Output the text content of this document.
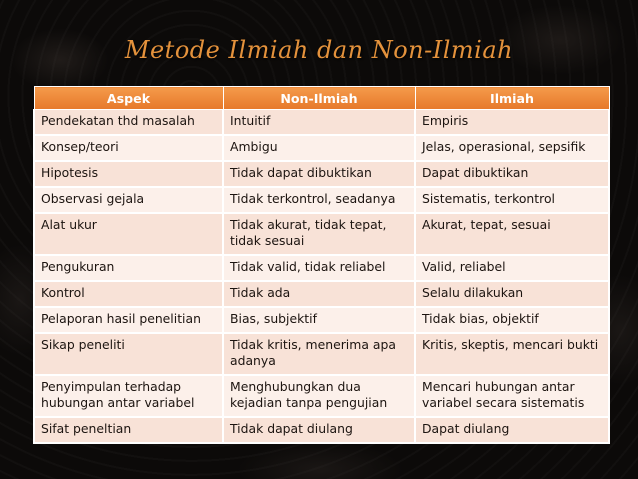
Metode Ilmiah dan Non-Ilmiah
Aspek	Non-Ilmiah	Ilmiah
Pendekatan thd masalah	Intuitif	Empiris
Konsep/teori	Ambigu	Jelas, operasional, sepsifik
Hipotesis	Tidak dapat dibuktikan	Dapat dibuktikan
Observasi gejala	Tidak terkontrol, seadanya	Sistematis, terkontrol
Alat ukur	Tidak akurat, tidak tepat, tidak sesuai	Akurat, tepat, sesuai
Pengukuran	Tidak valid, tidak reliabel	Valid, reliabel
Kontrol	Tidak ada	Selalu dilakukan
Pelaporan hasil penelitian	Bias, subjektif	Tidak bias, objektif
Sikap peneliti	Tidak kritis, menerima apa adanya	Kritis, skeptis, mencari bukti
Penyimpulan terhadap hubungan antar variabel	Menghubungkan dua kejadian tanpa pengujian	Mencari hubungan antar variabel secara sistematis
Sifat peneltian	Tidak dapat diulang	Dapat diulang
